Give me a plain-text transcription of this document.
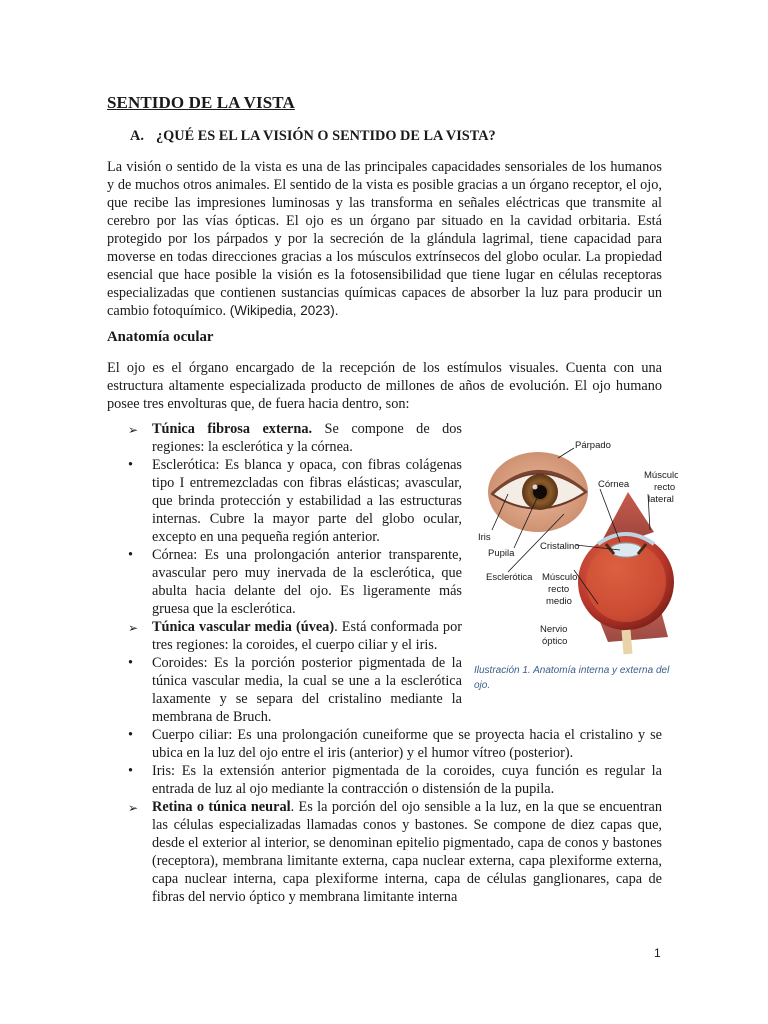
SENTIDO DE LA VISTA
A. ¿QUÉ ES EL LA VISIÓN O SENTIDO DE LA VISTA?
La visión o sentido de la vista es una de las principales capacidades sensoriales de los humanos y de muchos otros animales. El sentido de la vista es posible gracias a un órgano receptor, el ojo, que recibe las impresiones luminosas y las transforma en señales eléctricas que transmite al cerebro por las vías ópticas. El ojo es un órgano par situado en la cavidad orbitaria. Está protegido por los párpados y por la secreción de la glándula lagrimal, tiene capacidad para moverse en todas direcciones gracias a los músculos extrínsecos del globo ocular. La propiedad esencial que hace posible la visión es la fotosensibilidad que tiene lugar en células receptoras especializadas que contienen sustancias químicas capaces de absorber la luz para producir un cambio fotoquímico. (Wikipedia, 2023).
Anatomía ocular
El ojo es el órgano encargado de la recepción de los estímulos visuales. Cuenta con una estructura altamente especializada producto de millones de años de evolución. El ojo humano posee tres envolturas que, de fuera hacia dentro, son:
➢ Túnica fibrosa externa. Se compone de dos regiones: la esclerótica y la córnea.
•	Esclerótica: Es blanca y opaca, con fibras colágenas tipo I entremezcladas con fibras elásticas; avascular, que brinda protección y estabilidad a las estructuras internas. Cubre la mayor parte del globo ocular, excepto en una pequeña región anterior.
•	Córnea: Es una prolongación anterior transparente, avascular pero muy inervada de la esclerótica, que abulta hacia delante del ojo. Es ligeramente más gruesa que la esclerótica.
➢ Túnica vascular media (úvea). Está conformada por tres regiones: la coroides, el cuerpo ciliar y el iris.
•	Coroides: Es la porción posterior pigmentada de la túnica vascular media, la cual se une a la esclerótica laxamente y se separa del cristalino mediante la membrana de Bruch.
•	Cuerpo ciliar: Es una prolongación cuneiforme que se proyecta hacia el cristalino y se ubica en la luz del ojo entre el iris (anterior) y el humor vítreo (posterior).
•	Iris: Es la extensión anterior pigmentada de la coroides, cuya función es regular la entrada de luz al ojo mediante la contracción o distensión de la pupila.
➢ Retina o túnica neural. Es la porción del ojo sensible a la luz, en la que se encuentran las células especializadas llamadas conos y bastones. Se compone de diez capas que, desde el exterior al interior, se denominan epitelio pigmentado, capa de conos y bastones (receptora), membrana limitante externa, capa nuclear externa, capa plexiforme externa, capa nuclear interna, capa plexiforme interna, capa de células ganglionares, capa de fibras del nervio óptico y membrana limitante interna
Párpado
Córnea
Músculo
recto
lateral
Iris
Pupila
Cristalino
Esclerótica Músculo
recto
medio
Nervio
óptico
Ilustración 1. Anatomía interna y externa del ojo.
1
